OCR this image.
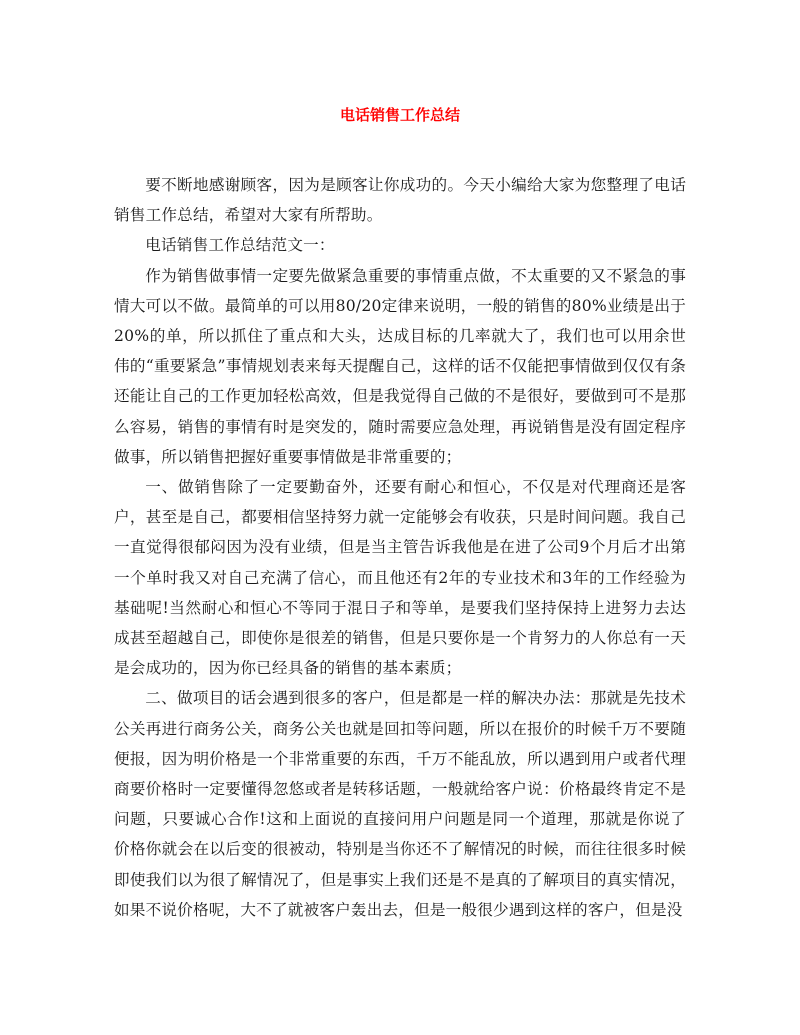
电话销售工作总结

要不断地感谢顾客，因为是顾客让你成功的。今天小编给大家为您整理了电话销售工作总结，希望对大家有所帮助。

电话销售工作总结范文一：

作为销售做事情一定要先做紧急重要的事情重点做，不太重要的又不紧急的事情大可以不做。最简单的可以用80/20定律来说明，一般的销售的80%业绩是出于20%的单，所以抓住了重点和大头，达成目标的几率就大了，我们也可以用余世伟的“重要紧急”事情规划表来每天提醒自己，这样的话不仅能把事情做到仅仅有条还能让自己的工作更加轻松高效，但是我觉得自己做的不是很好，要做到可不是那么容易，销售的事情有时是突发的，随时需要应急处理，再说销售是没有固定程序做事，所以销售把握好重要事情做是非常重要的；

一、做销售除了一定要勤奋外，还要有耐心和恒心，不仅是对代理商还是客户，甚至是自己，都要相信坚持努力就一定能够会有收获，只是时间问题。我自己一直觉得很郁闷因为没有业绩，但是当主管告诉我他是在进了公司9个月后才出第一个单时我又对自己充满了信心，而且他还有2年的专业技术和3年的工作经验为基础呢!当然耐心和恒心不等同于混日子和等单，是要我们坚持保持上进努力去达成甚至超越自己，即使你是很差的销售，但是只要你是一个肯努力的人你总有一天是会成功的，因为你已经具备的销售的基本素质；

二、做项目的话会遇到很多的客户，但是都是一样的解决办法：那就是先技术公关再进行商务公关，商务公关也就是回扣等问题，所以在报价的时候千万不要随便报，因为明价格是一个非常重要的东西，千万不能乱放，所以遇到用户或者代理商要价格时一定要懂得忽悠或者是转移话题，一般就给客户说：价格最终肯定不是问题，只要诚心合作!这和上面说的直接问用户问题是同一个道理，那就是你说了价格你就会在以后变的很被动，特别是当你还不了解情况的时候，而往往很多时候即使我们以为很了解情况了，但是事实上我们还是不是真的了解项目的真实情况，如果不说价格呢，大不了就被客户轰出去，但是一般很少遇到这样的客户，但是没
